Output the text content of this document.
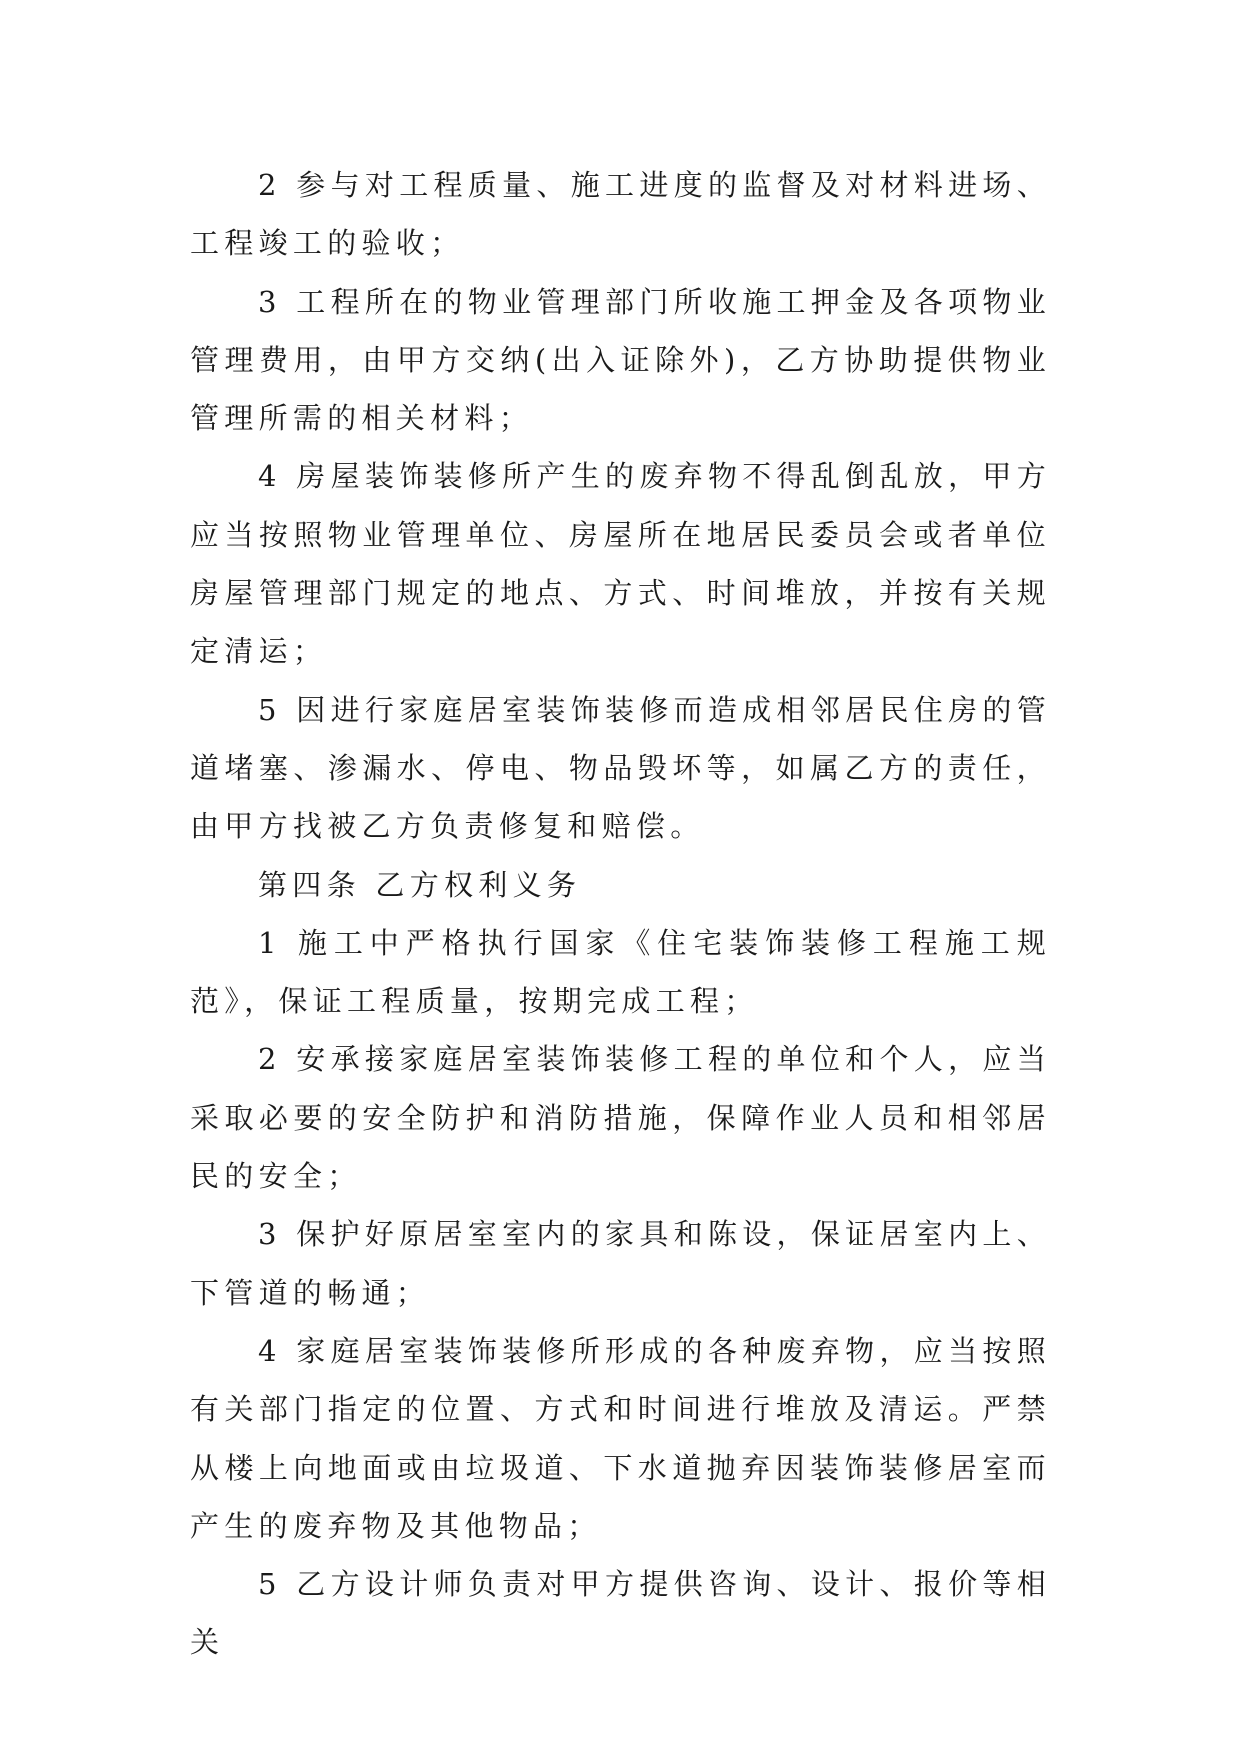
2 参与对工程质量、施工进度的监督及对材料进场、工程竣工的验收；

3 工程所在的物业管理部门所收施工押金及各项物业管理费用，由甲方交纳(出入证除外)，乙方协助提供物业管理所需的相关材料；

4 房屋装饰装修所产生的废弃物不得乱倒乱放，甲方应当按照物业管理单位、房屋所在地居民委员会或者单位房屋管理部门规定的地点、方式、时间堆放，并按有关规定清运；

5 因进行家庭居室装饰装修而造成相邻居民住房的管道堵塞、渗漏水、停电、物品毁坏等，如属乙方的责任，由甲方找被乙方负责修复和赔偿。

第四条 乙方权利义务

1 施工中严格执行国家《住宅装饰装修工程施工规范》，保证工程质量，按期完成工程；

2 安承接家庭居室装饰装修工程的单位和个人，应当采取必要的安全防护和消防措施，保障作业人员和相邻居民的安全；

3 保护好原居室室内的家具和陈设，保证居室内上、下管道的畅通；

4 家庭居室装饰装修所形成的各种废弃物，应当按照有关部门指定的位置、方式和时间进行堆放及清运。严禁从楼上向地面或由垃圾道、下水道抛弃因装饰装修居室而产生的废弃物及其他物品；

5 乙方设计师负责对甲方提供咨询、设计、报价等相关
